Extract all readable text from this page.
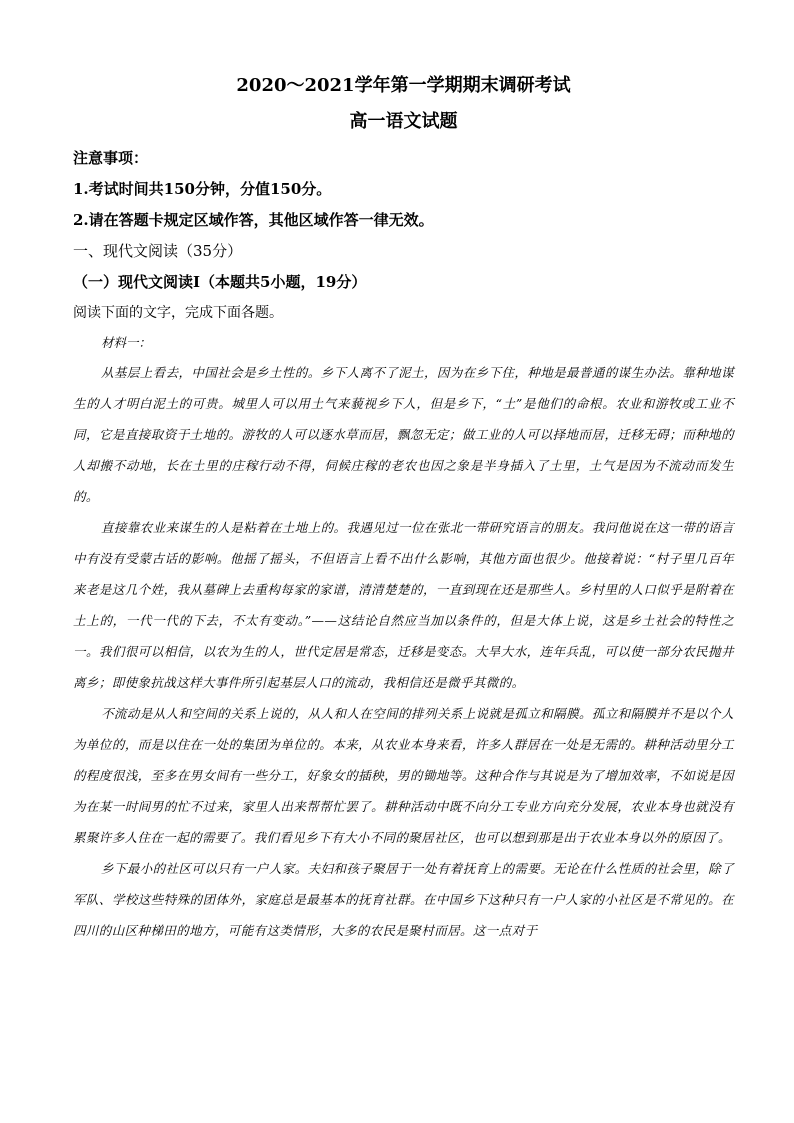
2020～2021学年第一学期期末调研考试
高一语文试题
注意事项：
1.考试时间共150分钟，分值150分。
2.请在答题卡规定区域作答，其他区域作答一律无效。
一、现代文阅读（35分）
（一）现代文阅读Ⅰ（本题共5小题，19分）
阅读下面的文字，完成下面各题。
材料一：

从基层上看去，中国社会是乡土性的。乡下人离不了泥土，因为在乡下住，种地是最普通的谋生办法。靠种地谋生的人才明白泥土的可贵。城里人可以用土气来藐视乡下人，但是乡下，“土”是他们的命根。农业和游牧或工业不同，它是直接取资于土地的。游牧的人可以逐水草而居，飘忽无定；做工业的人可以择地而居，迁移无碍；而种地的人却搬不动地，长在土里的庄稼行动不得，伺候庄稼的老农也因之象是半身插入了土里，土气是因为不流动而发生的。

直接靠农业来谋生的人是粘着在土地上的。我遇见过一位在张北一带研究语言的朋友。我问他说在这一带的语言中有没有受蒙古话的影响。他摇了摇头，不但语言上看不出什么影响，其他方面也很少。他接着说：“村子里几百年来老是这几个姓，我从墓碑上去重构每家的家谱，清清楚楚的，一直到现在还是那些人。乡村里的人口似乎是附着在土上的，一代一代的下去，不太有变动。”——这结论自然应当加以条件的，但是大体上说，这是乡土社会的特性之一。我们很可以相信，以农为生的人，世代定居是常态，迁移是变态。大旱大水，连年兵乱，可以使一部分农民抛井离乡；即使象抗战这样大事件所引起基层人口的流动，我相信还是微乎其微的。

不流动是从人和空间的关系上说的，从人和人在空间的排列关系上说就是孤立和隔膜。孤立和隔膜并不是以个人为单位的，而是以住在一处的集团为单位的。本来，从农业本身来看，许多人群居在一处是无需的。耕种活动里分工的程度很浅，至多在男女间有一些分工，好象女的插秧，男的锄地等。这种合作与其说是为了增加效率，不如说是因为在某一时间男的忙不过来，家里人出来帮帮忙罢了。耕种活动中既不向分工专业方向充分发展，农业本身也就没有累聚许多人住在一起的需要了。我们看见乡下有大小不同的聚居社区，也可以想到那是出于农业本身以外的原因了。

乡下最小的社区可以只有一户人家。夫妇和孩子聚居于一处有着抚育上的需要。无论在什么性质的社会里，除了军队、学校这些特殊的团体外，家庭总是最基本的抚育社群。在中国乡下这种只有一户人家的小社区是不常见的。在四川的山区种梯田的地方，可能有这类情形，大多的农民是聚村而居。这一点对于
